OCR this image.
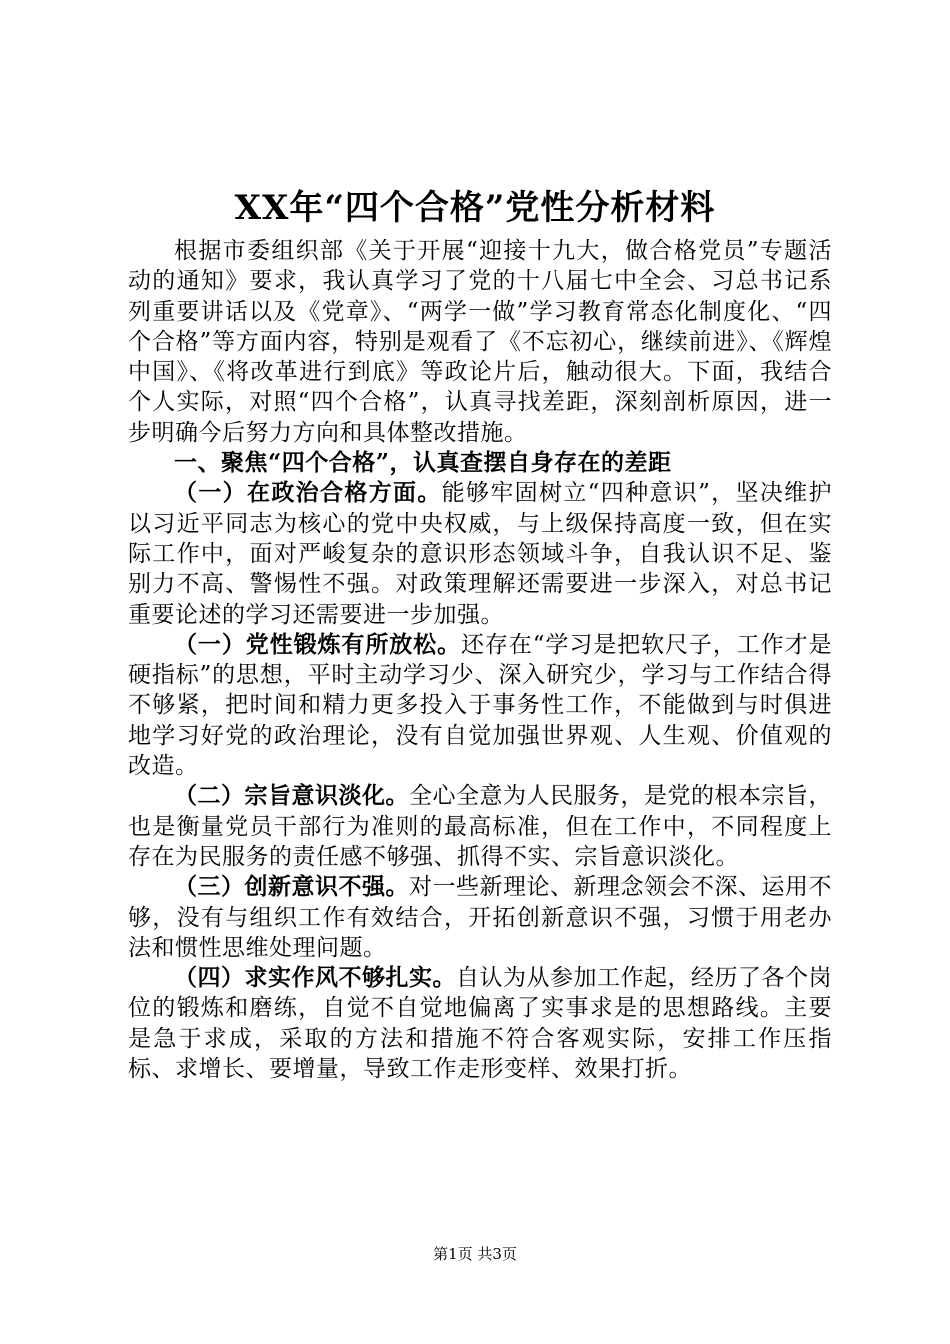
XX年“四个合格”党性分析材料

根据市委组织部《关于开展“迎接十九大，做合格党员”专题活动的通知》要求，我认真学习了党的十八届七中全会、习总书记系列重要讲话以及《党章》、“两学一做”学习教育常态化制度化、“四个合格”等方面内容，特别是观看了《不忘初心，继续前进》、《辉煌中国》、《将改革进行到底》等政论片后，触动很大。下面，我结合个人实际，对照“四个合格”，认真寻找差距，深刻剖析原因，进一步明确今后努力方向和具体整改措施。

一、聚焦“四个合格”，认真查摆自身存在的差距

（一）在政治合格方面。能够牢固树立“四种意识”，坚决维护以习近平同志为核心的党中央权威，与上级保持高度一致，但在实际工作中，面对严峻复杂的意识形态领域斗争，自我认识不足、鉴别力不高、警惕性不强。对政策理解还需要进一步深入，对总书记重要论述的学习还需要进一步加强。

（一）党性锻炼有所放松。还存在“学习是把软尺子，工作才是硬指标”的思想，平时主动学习少、深入研究少，学习与工作结合得不够紧，把时间和精力更多投入于事务性工作，不能做到与时俱进地学习好党的政治理论，没有自觉加强世界观、人生观、价值观的改造。

（二）宗旨意识淡化。全心全意为人民服务，是党的根本宗旨，也是衡量党员干部行为准则的最高标准，但在工作中，不同程度上存在为民服务的责任感不够强、抓得不实、宗旨意识淡化。

（三）创新意识不强。对一些新理论、新理念领会不深、运用不够，没有与组织工作有效结合，开拓创新意识不强，习惯于用老办法和惯性思维处理问题。

（四）求实作风不够扎实。自认为从参加工作起，经历了各个岗位的锻炼和磨练，自觉不自觉地偏离了实事求是的思想路线。主要是急于求成，采取的方法和措施不符合客观实际，安排工作压指标、求增长、要增量，导致工作走形变样、效果打折。

第1页 共3页
